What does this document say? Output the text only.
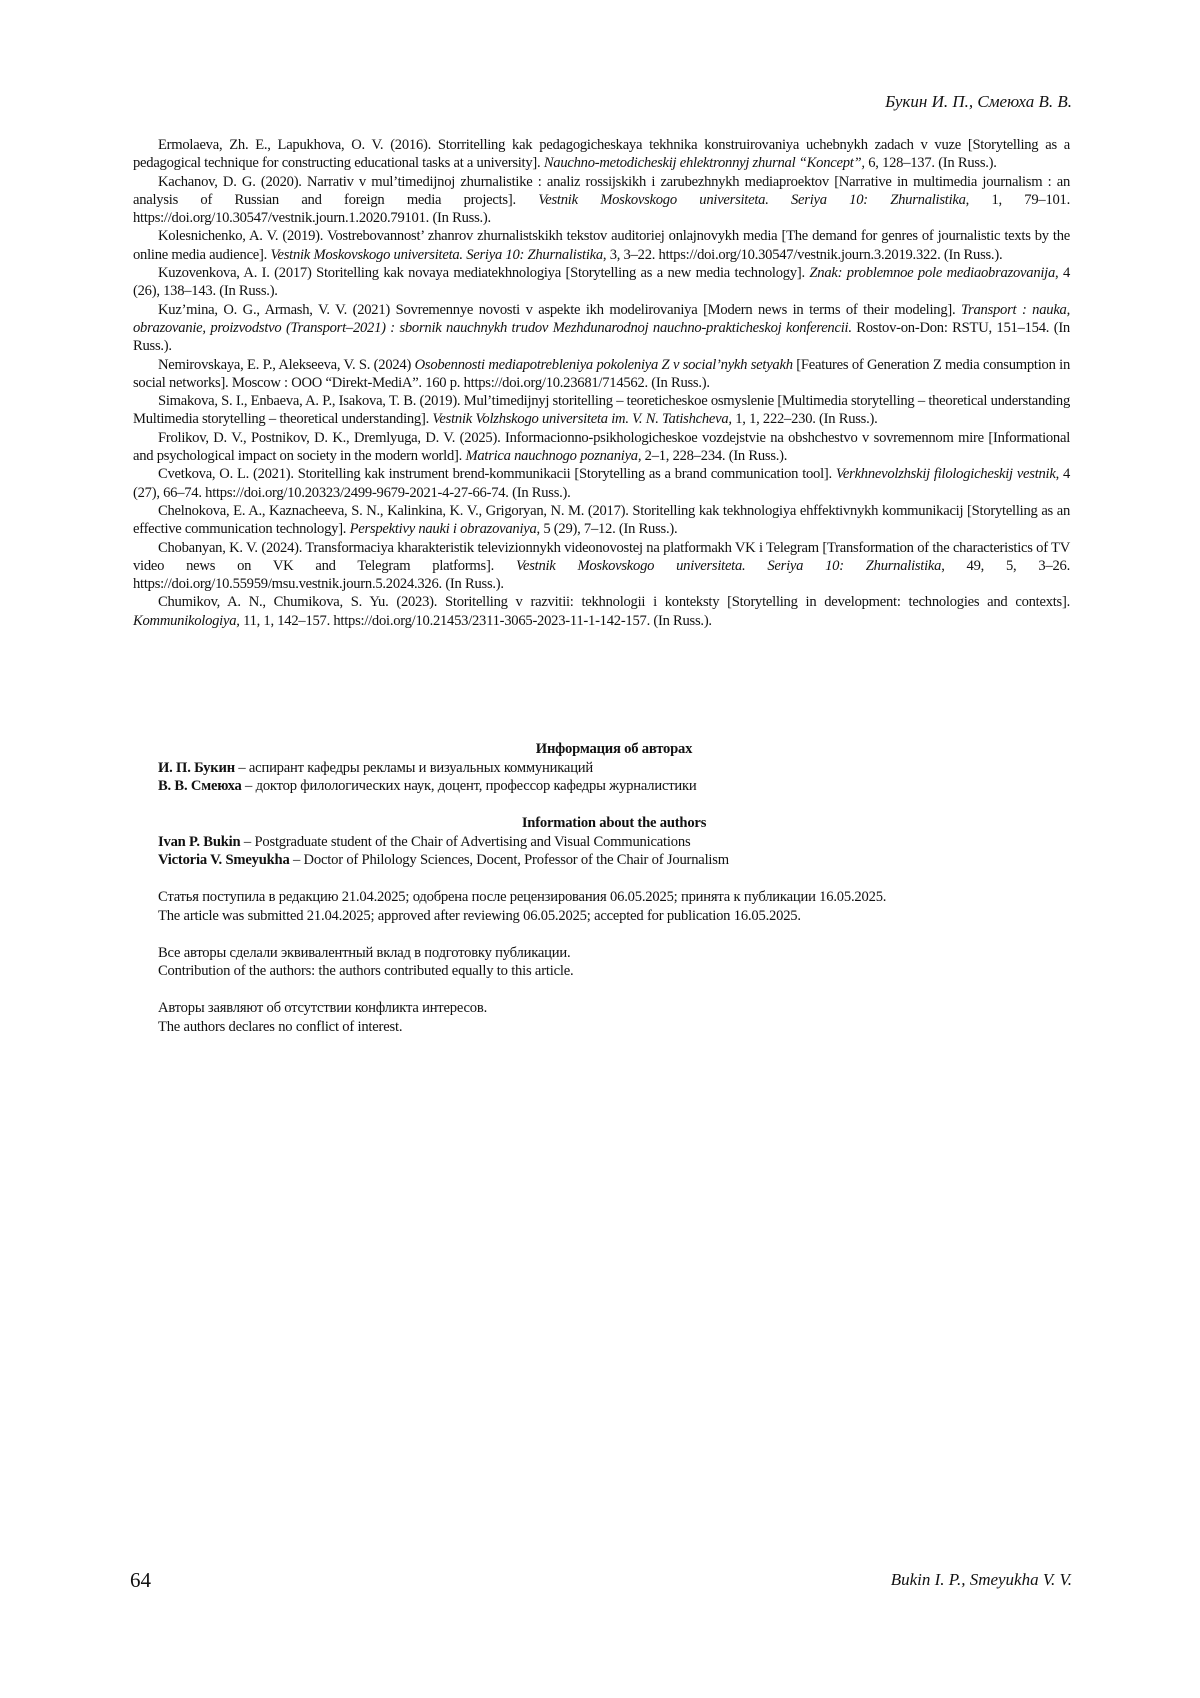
Букин И. П., Смеюха В. В.

Ermolaeva, Zh. E., Lapukhova, O. V. (2016). Storritelling kak pedagogicheskaya tekhnika konstruirovaniya uchebnykh zadach v vuze [Storytelling as a pedagogical technique for constructing educational tasks at a university]. Nauchno-metodicheskij ehlektronnyj zhurnal “Koncept”, 6, 128–137. (In Russ.).

Kachanov, D. G. (2020). Narrativ v mul’timedijnoj zhurnalistike : analiz rossijskikh i zarubezhnykh mediaproektov [Narrative in multimedia journalism : an analysis of Russian and foreign media projects]. Vestnik Moskovskogo universiteta. Seriya 10: Zhurnalistika, 1, 79–101. https://doi.org/10.30547/vestnik.journ.1.2020.79101. (In Russ.).

Kolesnichenko, A. V. (2019). Vostrebovannost’ zhanrov zhurnalistskikh tekstov auditoriej onlajnovykh media [The demand for genres of journalistic texts by the online media audience]. Vestnik Moskovskogo universiteta. Seriya 10: Zhurnalistika, 3, 3–22. https://doi.org/10.30547/vestnik.journ.3.2019.322. (In Russ.).

Kuzovenkova, A. I. (2017) Storitelling kak novaya mediatekhnologiya [Storytelling as a new media technology]. Znak: problemnoe pole mediaobrazovanija, 4 (26), 138–143. (In Russ.).

Kuz’mina, O. G., Armash, V. V. (2021) Sovremennye novosti v aspekte ikh modelirovaniya [Modern news in terms of their modeling]. Transport : nauka, obrazovanie, proizvodstvo (Transport–2021) : sbornik nauchnykh trudov Mezhdunarodnoj nauchno-prakticheskoj konferencii. Rostov-on-Don: RSTU, 151–154. (In Russ.).

Nemirovskaya, E. P., Alekseeva, V. S. (2024) Osobennosti mediapotrebleniya pokoleniya Z v social’nykh setyakh [Features of Generation Z media consumption in social networks]. Moscow : OOO “Direkt-MediA”. 160 p. https://doi.org/10.23681/714562. (In Russ.).

Simakova, S. I., Enbaeva, A. P., Isakova, T. B. (2019). Mul’timedijnyj storitelling – teoreticheskoe osmyslenie [Multimedia storytelling – theoretical understanding Multimedia storytelling – theoretical understanding]. Vestnik Volzhskogo universiteta im. V. N. Tatishcheva, 1, 1, 222–230. (In Russ.).

Frolikov, D. V., Postnikov, D. K., Dremlyuga, D. V. (2025). Informacionno-psikhologicheskoe vozdejstvie na obshchestvo v sovremennom mire [Informational and psychological impact on society in the modern world]. Matrica nauchnogo poznaniya, 2–1, 228–234. (In Russ.).

Cvetkova, O. L. (2021). Storitelling kak instrument brend-kommunikacii [Storytelling as a brand communication tool]. Verkhnevolzhskij filologicheskij vestnik, 4 (27), 66–74. https://doi.org/10.20323/2499-9679-2021-4-27-66-74. (In Russ.).

Chelnokova, E. A., Kaznacheeva, S. N., Kalinkina, K. V., Grigoryan, N. M. (2017). Storitelling kak tekhnologiya ehffektivnykh kommunikacij [Storytelling as an effective communication technology]. Perspektivy nauki i obrazovaniya, 5 (29), 7–12. (In Russ.).

Chobanyan, K. V. (2024). Transformaciya kharakteristik televizionnykh videonovostej na platformakh VK i Telegram [Transformation of the characteristics of TV video news on VK and Telegram platforms]. Vestnik Moskovskogo universiteta. Seriya 10: Zhurnalistika, 49, 5, 3–26. https://doi.org/10.55959/msu.vestnik.journ.5.2024.326. (In Russ.).

Chumikov, A. N., Chumikova, S. Yu. (2023). Storitelling v razvitii: tekhnologii i konteksty [Storytelling in development: technologies and contexts]. Kommunikologiya, 11, 1, 142–157. https://doi.org/10.21453/2311-3065-2023-11-1-142-157. (In Russ.).

Информация об авторах

И. П. Букин – аспирант кафедры рекламы и визуальных коммуникаций

В. В. Смеюха – доктор филологических наук, доцент, профессор кафедры журналистики

Information about the authors

Ivan P. Bukin – Postgraduate student of the Chair of Advertising and Visual Communications

Victoria V. Smeyukha – Doctor of Philology Sciences, Docent, Professor of the Chair of Journalism

Статья поступила в редакцию 21.04.2025; одобрена после рецензирования 06.05.2025; принята к публикации 16.05.2025.

The article was submitted 21.04.2025; approved after reviewing 06.05.2025; accepted for publication 16.05.2025.

Все авторы сделали эквивалентный вклад в подготовку публикации.

Contribution of the authors: the authors contributed equally to this article.

Авторы заявляют об отсутствии конфликта интересов.

The authors declares no conflict of interest.

64	Bukin I. P., Smeyukha V. V.
